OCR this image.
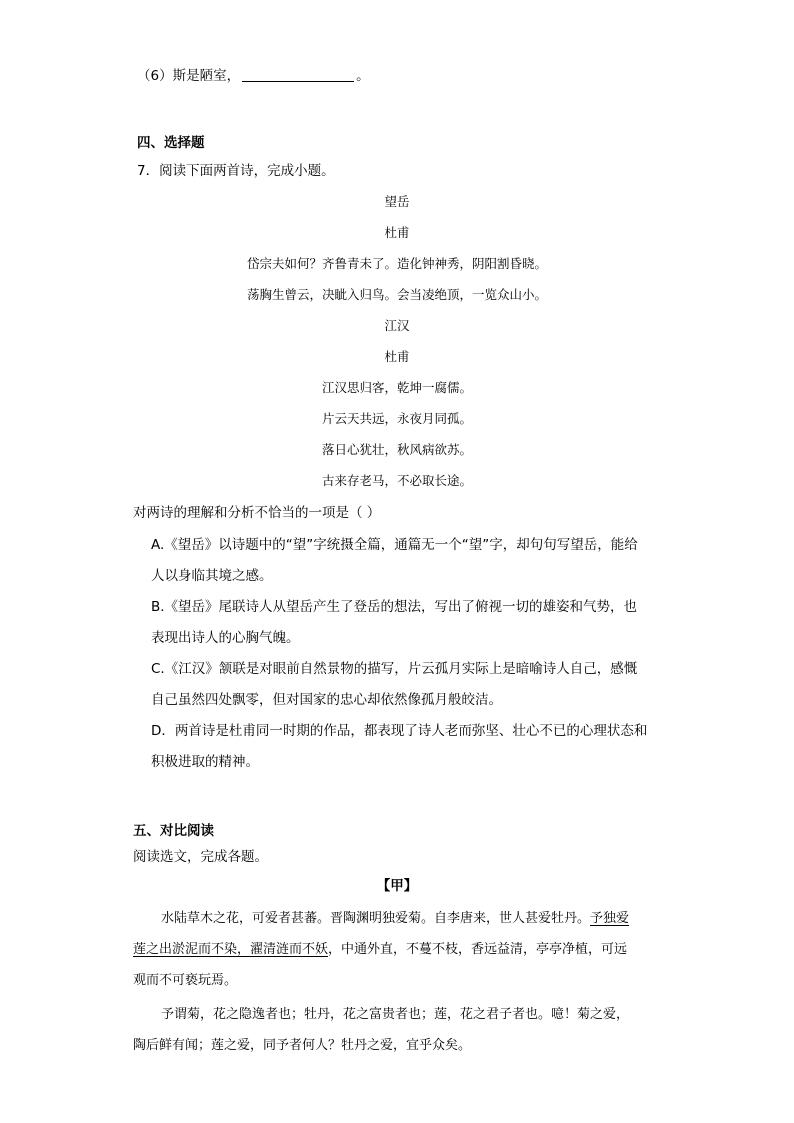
（6）斯是陋室，	。
四、选择题
7．阅读下面两首诗，完成小题。
望岳
杜甫
岱宗夫如何？齐鲁青未了。造化钟神秀，阴阳割昏晓。
荡胸生曾云，决眦入归鸟。会当凌绝顶，一览众山小。
江汉
杜甫
江汉思归客，乾坤一腐儒。
片云天共远，永夜月同孤。
落日心犹壮，秋风病欲苏。
古来存老马，不必取长途。
对两诗的理解和分析不恰当的一项是（ ）
A.《望岳》以诗题中的“望”字统摄全篇，通篇无一个“望”字，却句句写望岳，能给
人以身临其境之感。
B.《望岳》尾联诗人从望岳产生了登岳的想法，写出了俯视一切的雄姿和气势，也
表现出诗人的心胸气魄。
C.《江汉》颔联是对眼前自然景物的描写，片云孤月实际上是暗喻诗人自己，感慨
自己虽然四处飘零，但对国家的忠心却依然像孤月般皎洁。
D．两首诗是杜甫同一时期的作品，都表现了诗人老而弥坚、壮心不已的心理状态和
积极进取的精神。
五、对比阅读
阅读选文，完成各题。
【甲】
水陆草木之花，可爱者甚蕃。晋陶渊明独爱菊。自李唐来，世人甚爱牡丹。予独爱
莲之出淤泥而不染，濯清涟而不妖，中通外直，不蔓不枝，香远益清，亭亭净植，可远
观而不可亵玩焉。
予谓菊，花之隐逸者也；牡丹，花之富贵者也；莲，花之君子者也。噫！菊之爱，
陶后鲜有闻；莲之爱，同予者何人？牡丹之爱，宜乎众矣。
